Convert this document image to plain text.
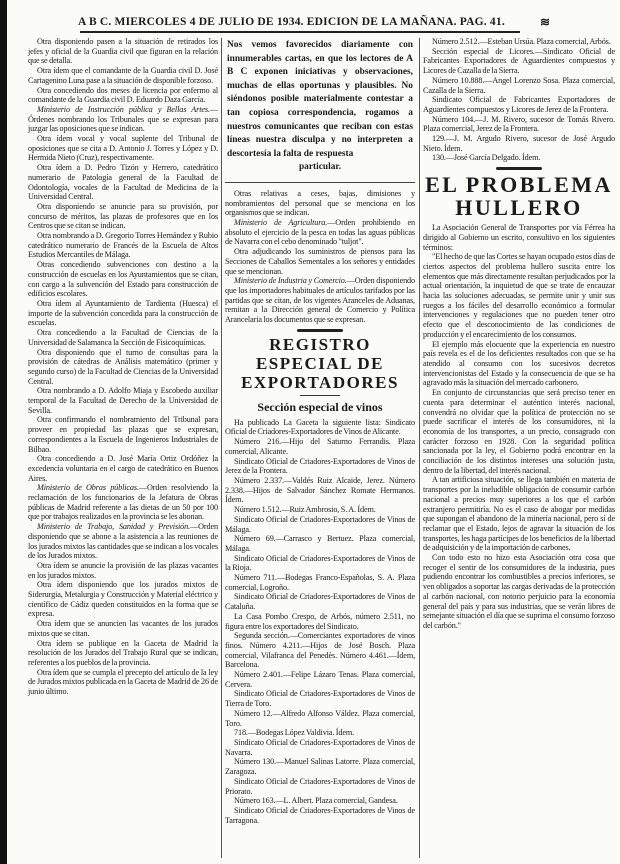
A B C. MIERCOLES 4 DE JULIO DE 1934. EDICION DE LA MAÑANA. PAG. 41.	≋

Otra disponiendo pasen a la situación de retirados los jefes y oficial de la Guardia civil que figuran en la relación que se detalla.

Otra ídem que el comandante de la Guardia civil D. José Cartagenino Luna pase a la situación de disponible forzoso.

Otra concediendo dos meses de licencia por enfermo al comandante de la Guardia civil D. Eduardo Daza García.

Ministerio de Instrucción pública y Bellas Artes.—Órdenes nombrando los Tribunales que se expresan para juzgar las oposiciones que se indican.

Otra ídem vocal y vocal suplente del Tribunal de oposiciones que se cita a D. Antonio J. Torres y López y D. Hermida Nieto (Cruz), respectivamente.

Otra ídem a D. Pedro Tizón y Herrero, catedrático numerario de Patología general de la Facultad de Odontología, vocales de la Facultad de Medicina de la Universidad Central.

Otra disponiendo se anuncie para su provisión, por concurso de méritos, las plazas de profesores que en los Centros que se citan se indican.

Otra nombrando a D. Gregorio Torres Hernández y Rubio catedrático numerario de Francés de la Escuela de Altos Estudios Mercantiles de Málaga.

Otras concediendo subvenciones con destino a la construcción de escuelas en los Ayuntamientos que se citan, con cargo a la subvención del Estado para construcción de edificios escolares.

Otra ídem al Ayuntamiento de Tardienta (Huesca) el importe de la subvención concedida para la construcción de escuelas.

Otra concediendo a la Facultad de Ciencias de la Universidad de Salamanca la Sección de Fisicoquímicas.

Otra disponiendo que el turno de consultas para la provisión de cátedras de Análisis matemático (primer y segundo curso) de la Facultad de Ciencias de la Universidad Central.

Otra nombrando a D. Adolfo Miaja y Escobedo auxiliar temporal de la Facultad de Derecho de la Universidad de Sevilla.

Otra confirmando el nombramiento del Tribunal para proveer en propiedad las plazas que se expresan, correspondientes a la Escuela de Ingenieros Industriales de Bilbao.

Otra concediendo a D. José María Ortiz Ordóñez la excedencia voluntaria en el cargo de catedrático en Buenos Aires.

Ministerio de Obras públicas.—Orden resolviendo la reclamación de los funcionarios de la Jefatura de Obras públicas de Madrid referente a las dietas de un 50 por 100 que por trabajos realizados en la provincia se les abonan.

Ministerio de Trabajo, Sanidad y Previsión.—Orden disponiendo que se abone a la asistencia a las reuniones de los jurados mixtos las cantidades que se indican a los vocales de los Jurados mixtos.

Otra ídem se anuncie la provisión de las plazas vacantes en los jurados mixtos.

Otra ídem disponiendo que los jurados mixtos de Siderurgia, Metalurgia y Construcción y Material eléctrico y científico de Cádiz queden constituidos en la forma que se expresa.

Otra ídem que se anuncien las vacantes de los jurados mixtos que se citan.

Otra ídem se publique en la Gaceta de Madrid la resolución de los Jurados del Trabajo Rural que se indican, referentes a los pueblos de la provincia.

Otra ídem que se cumpla el precepto del artículo de la ley de Jurados mixtos publicada en la Gaceta de Madrid de 26 de junio último.

Nos vemos favorecidos diariamente con innumerables cartas, en que los lectores de A B C exponen iniciativas y observaciones, muchas de ellas oportunas y plausibles. No siéndonos posible materialmente contestar a tan copiosa correspondencia, rogamos a nuestros comunicantes que reciban con estas líneas nuestra disculpa y no interpreten a descortesía la falta de respuesta
particular.

Otras relativas a ceses, bajas, dimisiones y nombramientos del personal que se menciona en los organismos que se indican.

Ministerio de Agricultura.—Orden prohibiendo en absoluto el ejercicio de la pesca en todas las aguas públicas de Navarra con el cebo denominado "tuljot".

Otra adjudicando los suministros de piensos para las Secciones de Caballos Sementales a los señores y entidades que se mencionan.

Ministerio de Industria y Comercio.—Orden disponiendo que los importadores habituales de artículos tarifados por las partidas que se citan, de los vigentes Aranceles de Aduanas, remitan a la Dirección general de Comercio y Política Arancelaria los documentos que se expresan.

REGISTRO ESPECIAL DE EXPORTADORES
Sección especial de vinos

Ha publicado La Gaceta la siguiente lista: Sindicato Oficial de Criadores-Exportadores de Vinos de Alicante.

Número 216.—Hijo del Saturno Ferrandis. Plaza comercial, Alicante.

Sindicato Oficial de Criadores-Exportadores de Vinos de Jerez de la Frontera.

Número 2.337.—Valdés Ruiz Alcaide, Jerez. Número 2.338.—Hijos de Salvador Sánchez Romate Hermanos. Ídem.

Número 1.512.—Ruiz Ambrosio, S. A. Ídem.

Sindicato Oficial de Criadores-Exportadores de Vinos de Málaga.

Número 69.—Carrasco y Bertuez. Plaza comercial, Málaga.

Sindicato Oficial de Criadores-Exportadores de Vinos de la Rioja.

Número 711.—Bodegas Franco-Españolas, S. A. Plaza comercial, Logroño.

Sindicato Oficial de Criadores-Exportadores de Vinos de Cataluña.

La Casa Pombo Crespo, de Arbós, número 2.511, no figura entre los exportadores del Sindicato.

Segunda sección.—Comerciantes exportadores de vinos finos. Número 4.211.—Hijos de José Bosch. Plaza comercial, Vilafranca del Penedès. Número 4.461.—Ídem, Barcelona.

Número 2.401.—Felipe Lázaro Tenas. Plaza comercial, Cervera.

Sindicato Oficial de Criadores-Exportadores de Vinos de Tierra de Toro.

Número 12.—Alfredo Alfonso Váldez. Plaza comercial, Toro.

718.—Bodegas López Valdivia. Ídem.

Sindicato Oficial de Criadores-Exportadores de Vinos de Navarra.

Número 130.—Manuel Salinas Latorre. Plaza comercial, Zaragoza.

Sindicato Oficial de Criadores-Exportadores de Vinos de Priorato.

Número 163.—L. Albert. Plaza comercial, Gandesa.

Sindicato Oficial de Criadores-Exportadores de Vinos de Tarragona.

Número 2.512.—Esteban Ursúa. Plaza comercial, Arbós.

Sección especial de Licores.—Sindicato Oficial de Fabricantes Exportadores de Aguardientes compuestos y Licores de Cazalla de la Sierra.

Número 10.888.—Angel Lorenzo Sosa. Plaza comercial, Cazalla de la Sierra.

Sindicato Oficial de Fabricantes Exportadores de Aguardientes compuestos y Licores de Jerez de la Frontera.

Número 104.—J. M. Rivero, sucesor de Tomás Rivero. Plaza comercial, Jerez de la Frontera.

129.—J. M. Argudo Rivero, sucesor de José Argudo Nieto. Ídem.

130.—José García Delgado. Ídem.

EL PROBLEMA HULLERO

La Asociación General de Transportes por vía Férrea ha dirigido al Gobierno un escrito, consultivo en los siguientes términos:

"El hecho de que las Cortes se hayan ocupado estos días de ciertos aspectos del problema hullero suscita entre los elementos que más directamente resultan perjudicados por la actual orientación, la inquietud de que se trate de encauzar hacia las soluciones adecuadas, se permite unir y unir sus ruegos a los fáciles del desarrollo económico a formular intervenciones y regulaciones que no pueden tener otro efecto que el desconocimiento de las condiciones de producción y el encarecimiento de los consumos.

El ejemplo más elocuente que la experiencia en nuestro país revela es el de los deficientes resultados con que se ha atendido al consumo con los sucesivos decretos intervencionistas del Estado y la consecuencia de que se ha agravado más la situación del mercado carbonero.

En conjunto de circunstancias que será preciso tener en cuenta para determinar el auténtico interés nacional, convendrá no olvidar que la política de protección no se puede sacrificar el interés de los consumidores, ni la economía de los transportes, a un precio, consagrado con carácter forzoso en 1928. Con la seguridad política sancionada por la ley, el Gobierno podrá encontrar en la conciliación de los distintos intereses una solución justa, dentro de la libertad, del interés nacional.

A tan artificiosa situación, se llega también en materia de transportes por la ineludible obligación de consumir carbón nacional a precios muy superiores a los que el carbón extranjero permitiría. No es el caso de abogar por medidas que supongan el abandono de la minería nacional, pero sí de reclamar que el Estado, lejos de agravar la situación de los transportes, les haga partícipes de los beneficios de la libertad de adquisición y de la importación de carbones.

Con todo esto no hizo esta Asociación otra cosa que recoger el sentir de los consumidores de la industria, pues pudiendo encontrar los combustibles a precios inferiores, se ven obligados a soportar las cargas derivadas de la protección al carbón nacional, con notorio perjuicio para la economía general del país y para sus industrias, que se verán libres de semejante situación el día que se suprima el consumo forzoso del carbón."
